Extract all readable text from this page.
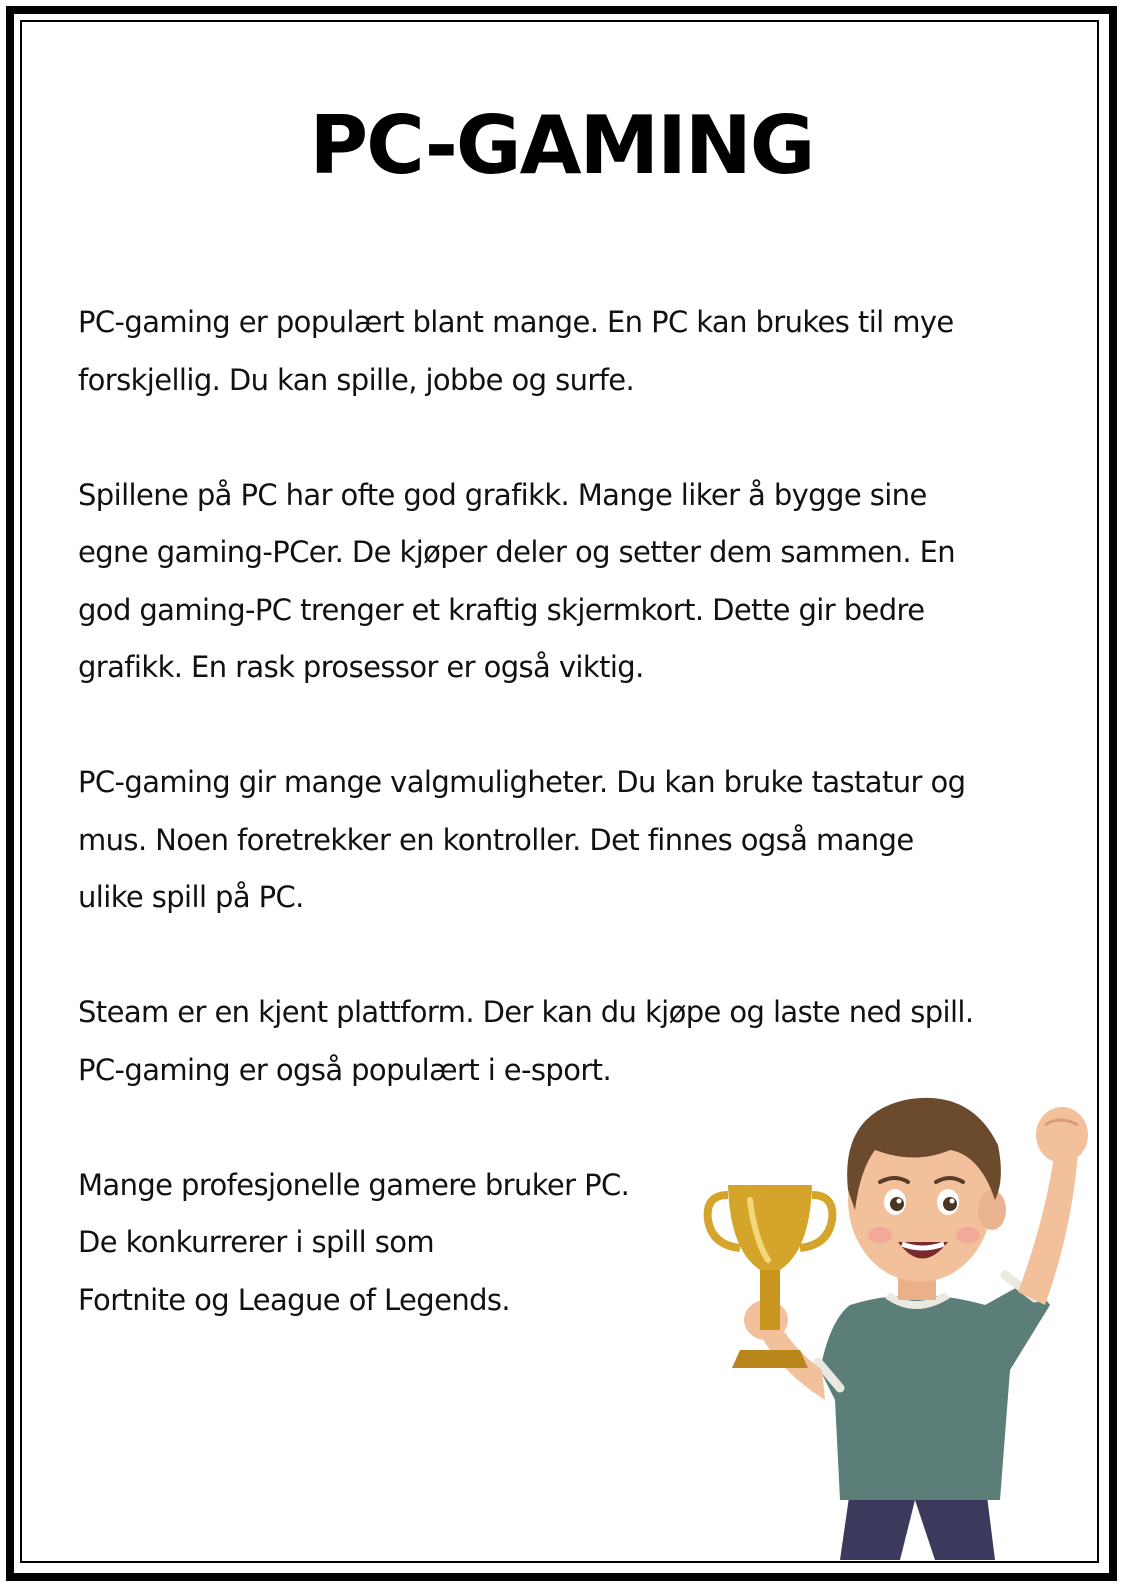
PC-GAMING

PC-gaming er populært blant mange. En PC kan brukes til mye
forskjellig. Du kan spille, jobbe og surfe.

Spillene på PC har ofte god grafikk. Mange liker å bygge sine
egne gaming-PCer. De kjøper deler og setter dem sammen. En
god gaming-PC trenger et kraftig skjermkort. Dette gir bedre
grafikk. En rask prosessor er også viktig.

PC-gaming gir mange valgmuligheter. Du kan bruke tastatur og
mus. Noen foretrekker en kontroller. Det finnes også mange
ulike spill på PC.

Steam er en kjent plattform. Der kan du kjøpe og laste ned spill.
PC-gaming er også populært i e-sport.

Mange profesjonelle gamere bruker PC.
De konkurrerer i spill som
Fortnite og League of Legends.
